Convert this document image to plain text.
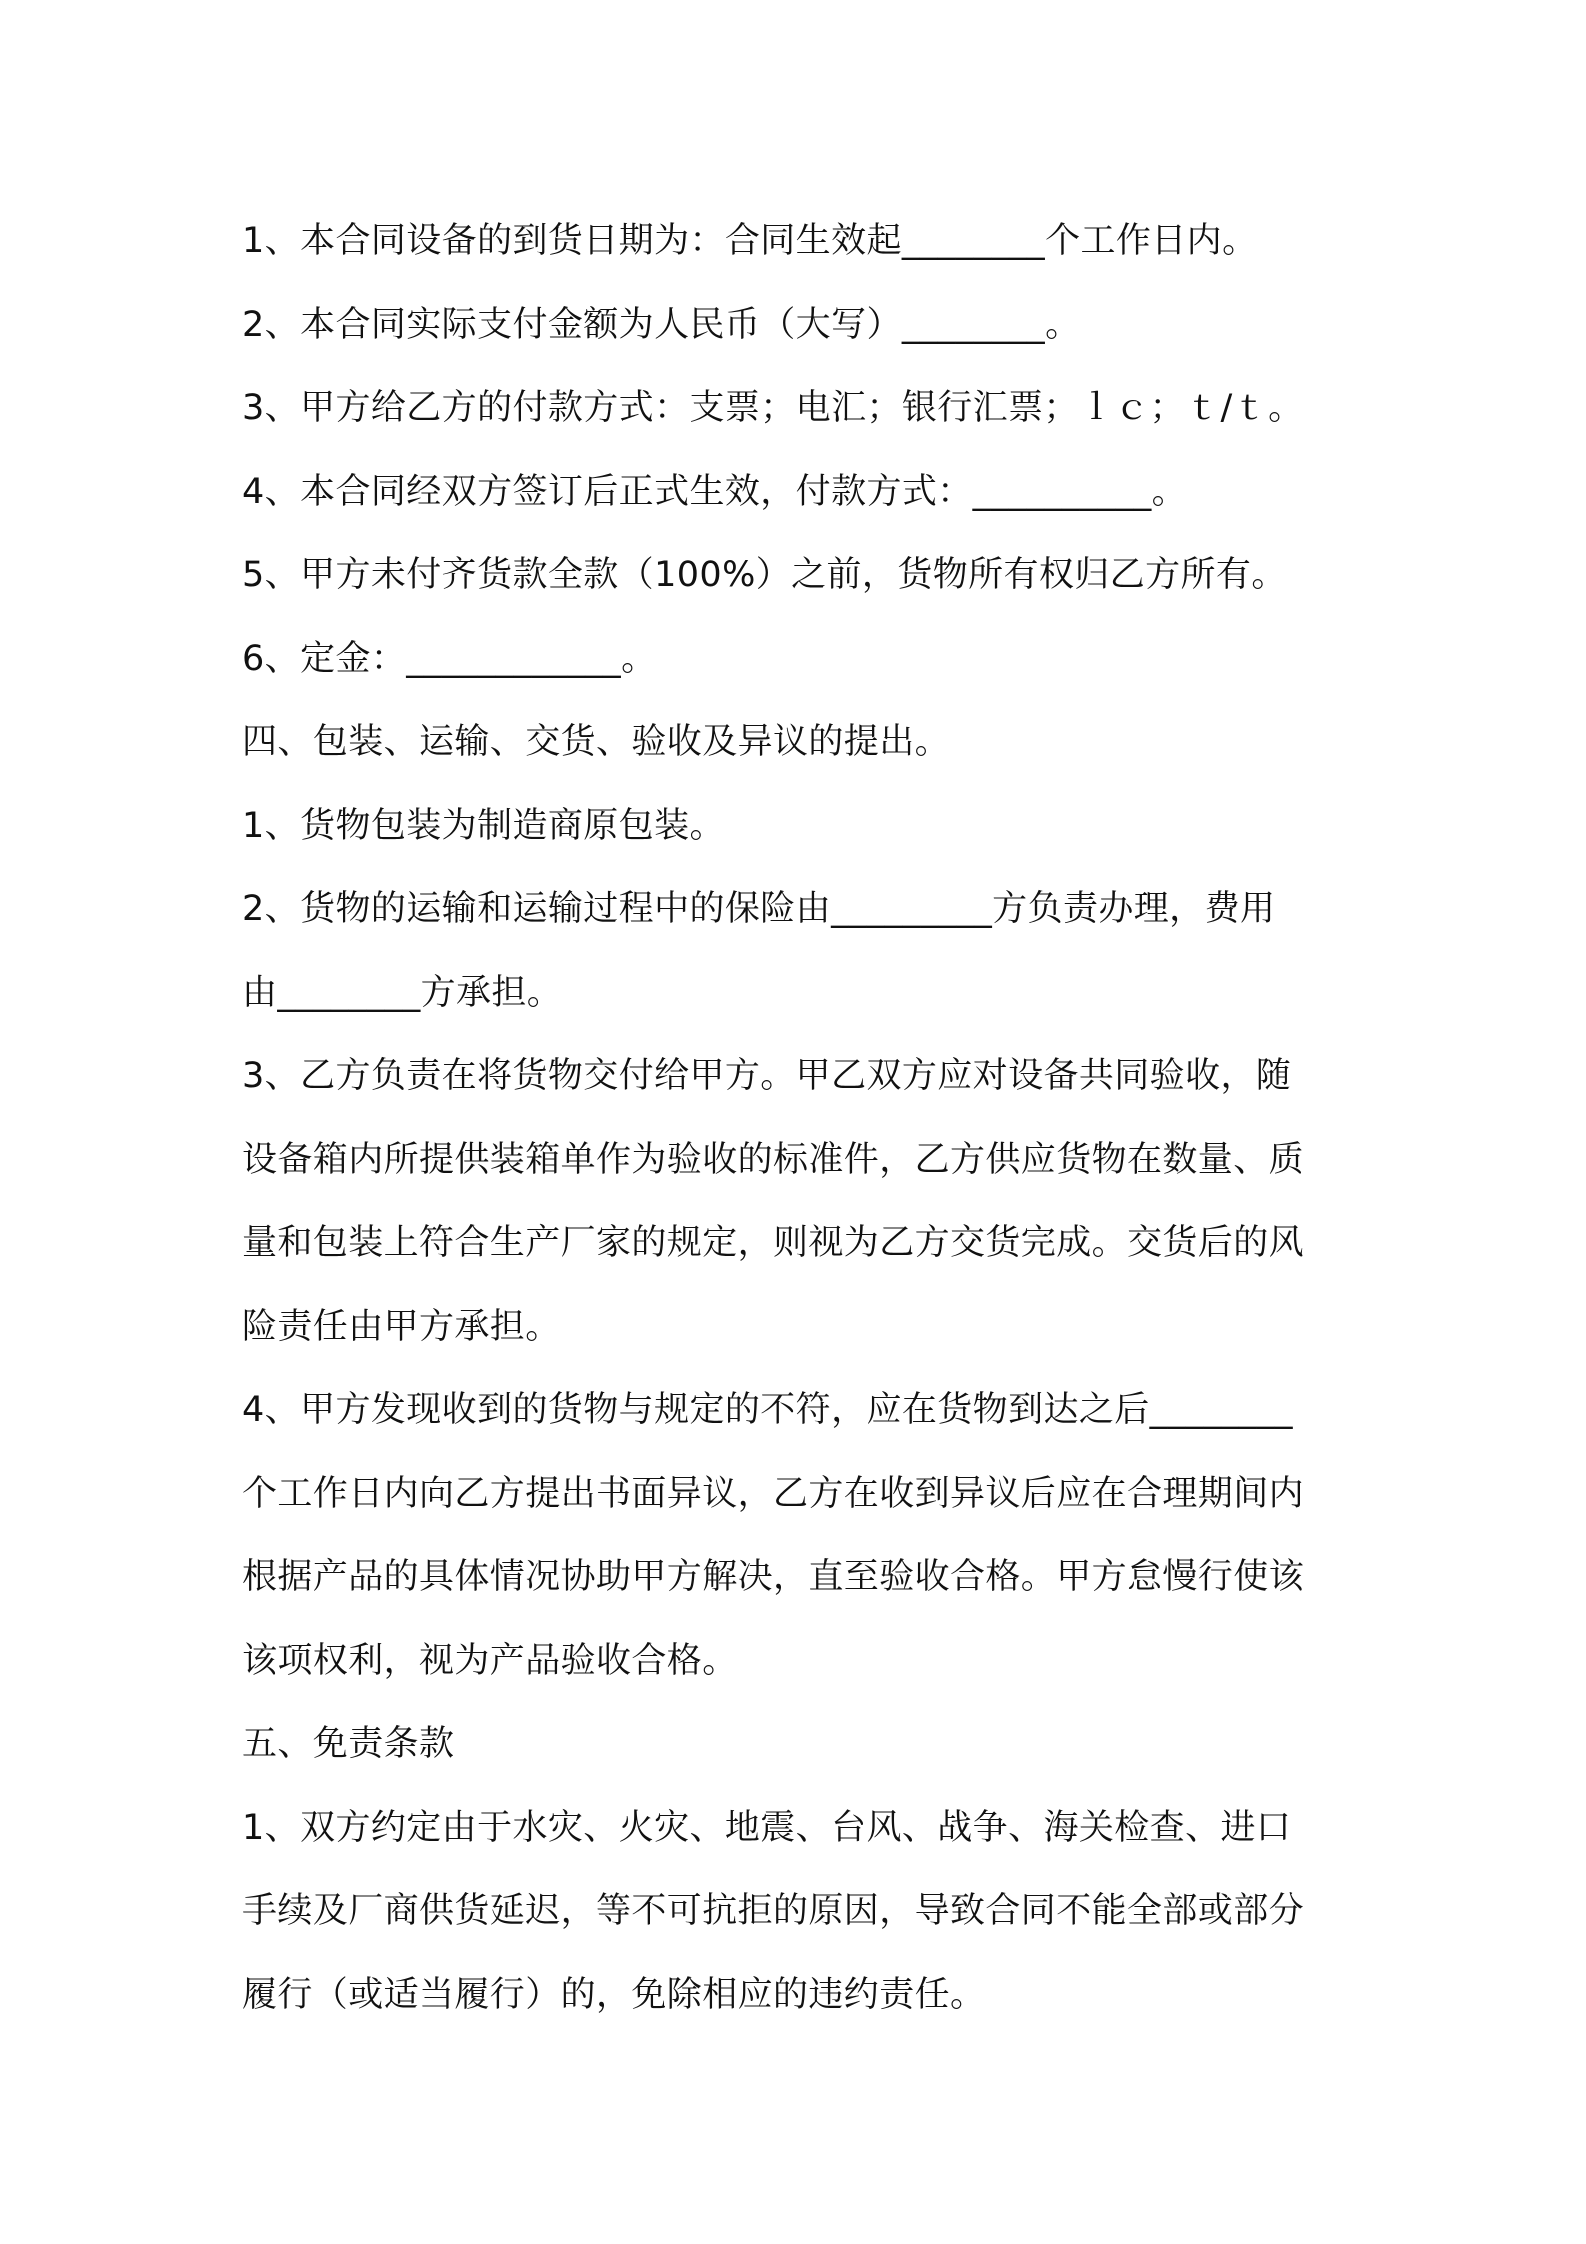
1、本合同设备的到货日期为：合同生效起________个工作日内。
2、本合同实际支付金额为人民币（大写）________。
3、甲方给乙方的付款方式：支票；电汇；银行汇票；ｌｃ；ｔ/ｔ。
4、本合同经双方签订后正式生效，付款方式：__________。
5、甲方未付齐货款全款（100%）之前，货物所有权归乙方所有。
6、定金：____________。
四、包装、运输、交货、验收及异议的提出。
1、货物包装为制造商原包装。
2、货物的运输和运输过程中的保险由_________方负责办理，费用
由________方承担。
3、乙方负责在将货物交付给甲方。甲乙双方应对设备共同验收，随
设备箱内所提供装箱单作为验收的标准件，乙方供应货物在数量、质
量和包装上符合生产厂家的规定，则视为乙方交货完成。交货后的风
险责任由甲方承担。
4、甲方发现收到的货物与规定的不符，应在货物到达之后________
个工作日内向乙方提出书面异议，乙方在收到异议后应在合理期间内
根据产品的具体情况协助甲方解决，直至验收合格。甲方怠慢行使该
该项权利，视为产品验收合格。
五、免责条款
1、双方约定由于水灾、火灾、地震、台风、战争、海关检查、进口
手续及厂商供货延迟，等不可抗拒的原因，导致合同不能全部或部分
履行（或适当履行）的，免除相应的违约责任。
